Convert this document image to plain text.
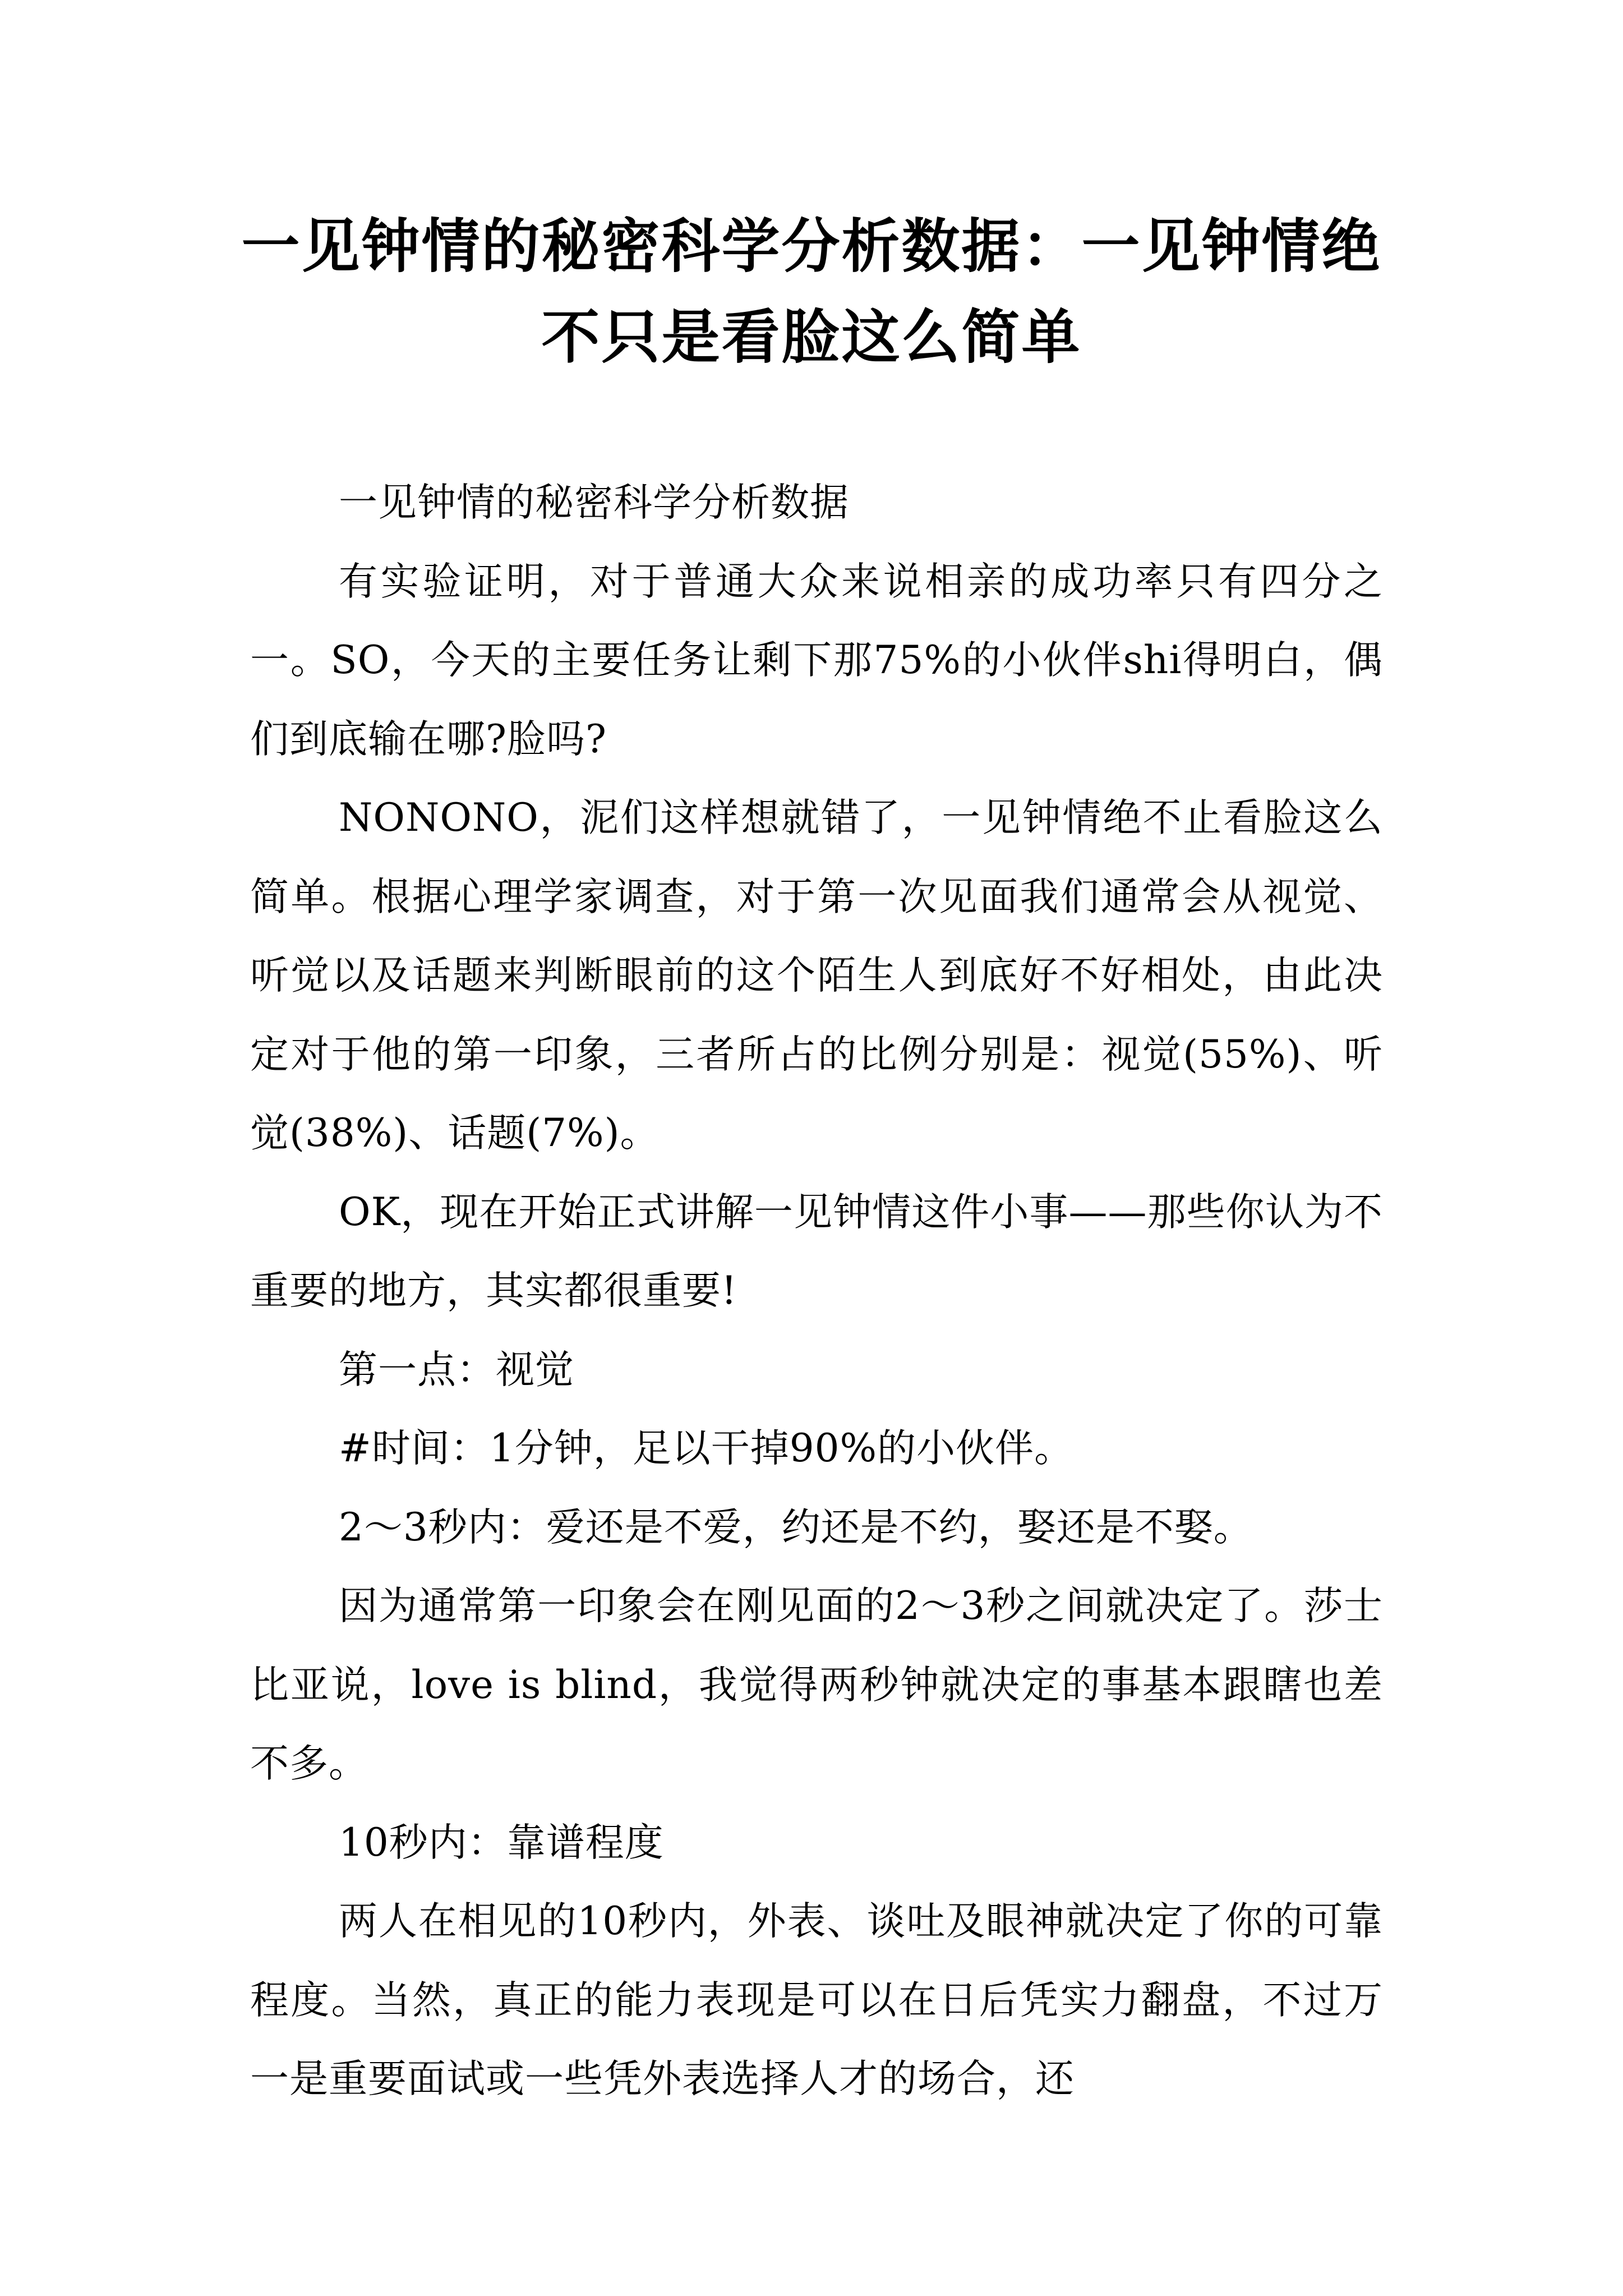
一见钟情的秘密科学分析数据：一见钟情绝
不只是看脸这么简单

一见钟情的秘密科学分析数据

有实验证明，对于普通大众来说相亲的成功率只有四分之一。SO，今天的主要任务让剩下那75%的小伙伴shi得明白，偶们到底输在哪?脸吗?

NONONO，泥们这样想就错了，一见钟情绝不止看脸这么简单。根据心理学家调查，对于第一次见面我们通常会从视觉、听觉以及话题来判断眼前的这个陌生人到底好不好相处，由此决定对于他的第一印象，三者所占的比例分别是：视觉(55%)、听觉(38%)、话题(7%)。

OK，现在开始正式讲解一见钟情这件小事——那些你认为不重要的地方，其实都很重要!

第一点：视觉

#时间：1分钟，足以干掉90%的小伙伴。

2～3秒内：爱还是不爱，约还是不约，娶还是不娶。

因为通常第一印象会在刚见面的2～3秒之间就决定了。莎士比亚说，love is blind，我觉得两秒钟就决定的事基本跟瞎也差不多。

10秒内：靠谱程度

两人在相见的10秒内，外表、谈吐及眼神就决定了你的可靠程度。当然，真正的能力表现是可以在日后凭实力翻盘，不过万一是重要面试或一些凭外表选择人才的场合，还
